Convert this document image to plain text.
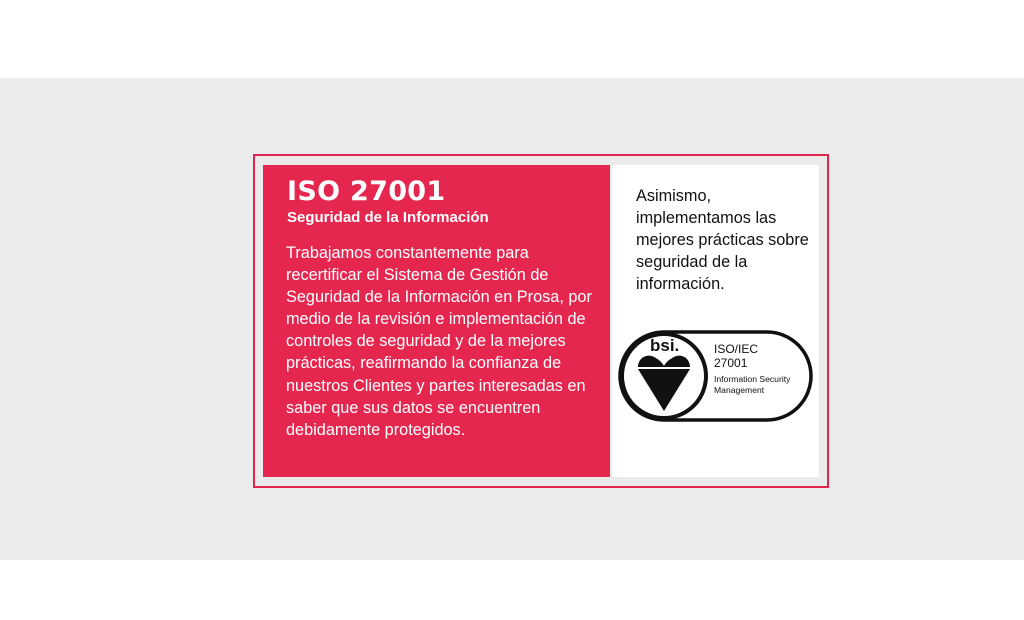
ISO 27001
Seguridad de la Información

Trabajamos constantemente para recertificar el Sistema de Gestión de Seguridad de la Información en Prosa, por medio de la revisión e implementación de controles de seguridad y de la mejores prácticas, reafirmando la confianza de nuestros Clientes y partes interesadas en saber que sus datos se encuentren debidamente protegidos.

Asimismo, implementamos las mejores prácticas sobre seguridad de la información.

bsi.	ISO/IEC
27001
Information Security
Management
